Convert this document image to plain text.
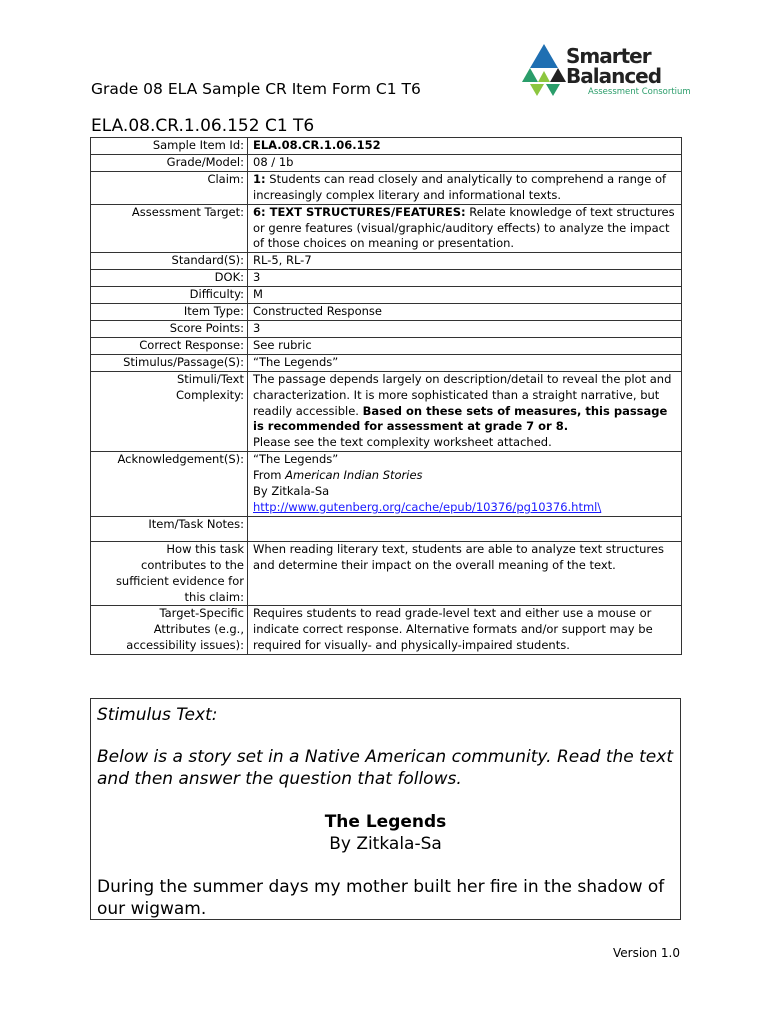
Grade 08 ELA Sample CR Item Form C1 T6
Smarter
Balanced
Assessment Consortium
ELA.08.CR.1.06.152 C1 T6
Sample Item Id:	ELA.08.CR.1.06.152
Grade/Model:	08 / 1b
Claim:	1: Students can read closely and analytically to comprehend a range of increasingly complex literary and informational texts.
Assessment Target:	6: TEXT STRUCTURES/FEATURES: Relate knowledge of text structures or genre features (visual/graphic/auditory effects) to analyze the impact of those choices on meaning or presentation.
Standard(S):	RL-5, RL-7
DOK:	3
Difficulty:	M
Item Type:	Constructed Response
Score Points:	3
Correct Response:	See rubric
Stimulus/Passage(S):	“The Legends”
Stimuli/Text
Complexity:	The passage depends largely on description/detail to reveal the plot and characterization. It is more sophisticated than a straight narrative, but readily accessible. Based on these sets of measures, this passage is recommended for assessment at grade 7 or 8.
Please see the text complexity worksheet attached.
Acknowledgement(S):	“The Legends”
From American Indian Stories
By Zitkala-Sa
http://www.gutenberg.org/cache/epub/10376/pg10376.html\
Item/Task Notes:	
How this task
contributes to the
sufficient evidence for
this claim:	When reading literary text, students are able to analyze text structures and determine their impact on the overall meaning of the text.
Target-Specific
Attributes (e.g.,
accessibility issues):	Requires students to read grade-level text and either use a mouse or indicate correct response. Alternative formats and/or support may be required for visually- and physically-impaired students.
Stimulus Text:
Below is a story set in a Native American community. Read the text and then answer the question that follows.
The Legends
By Zitkala-Sa
During the summer days my mother built her fire in the shadow of our wigwam.
Version 1.0
